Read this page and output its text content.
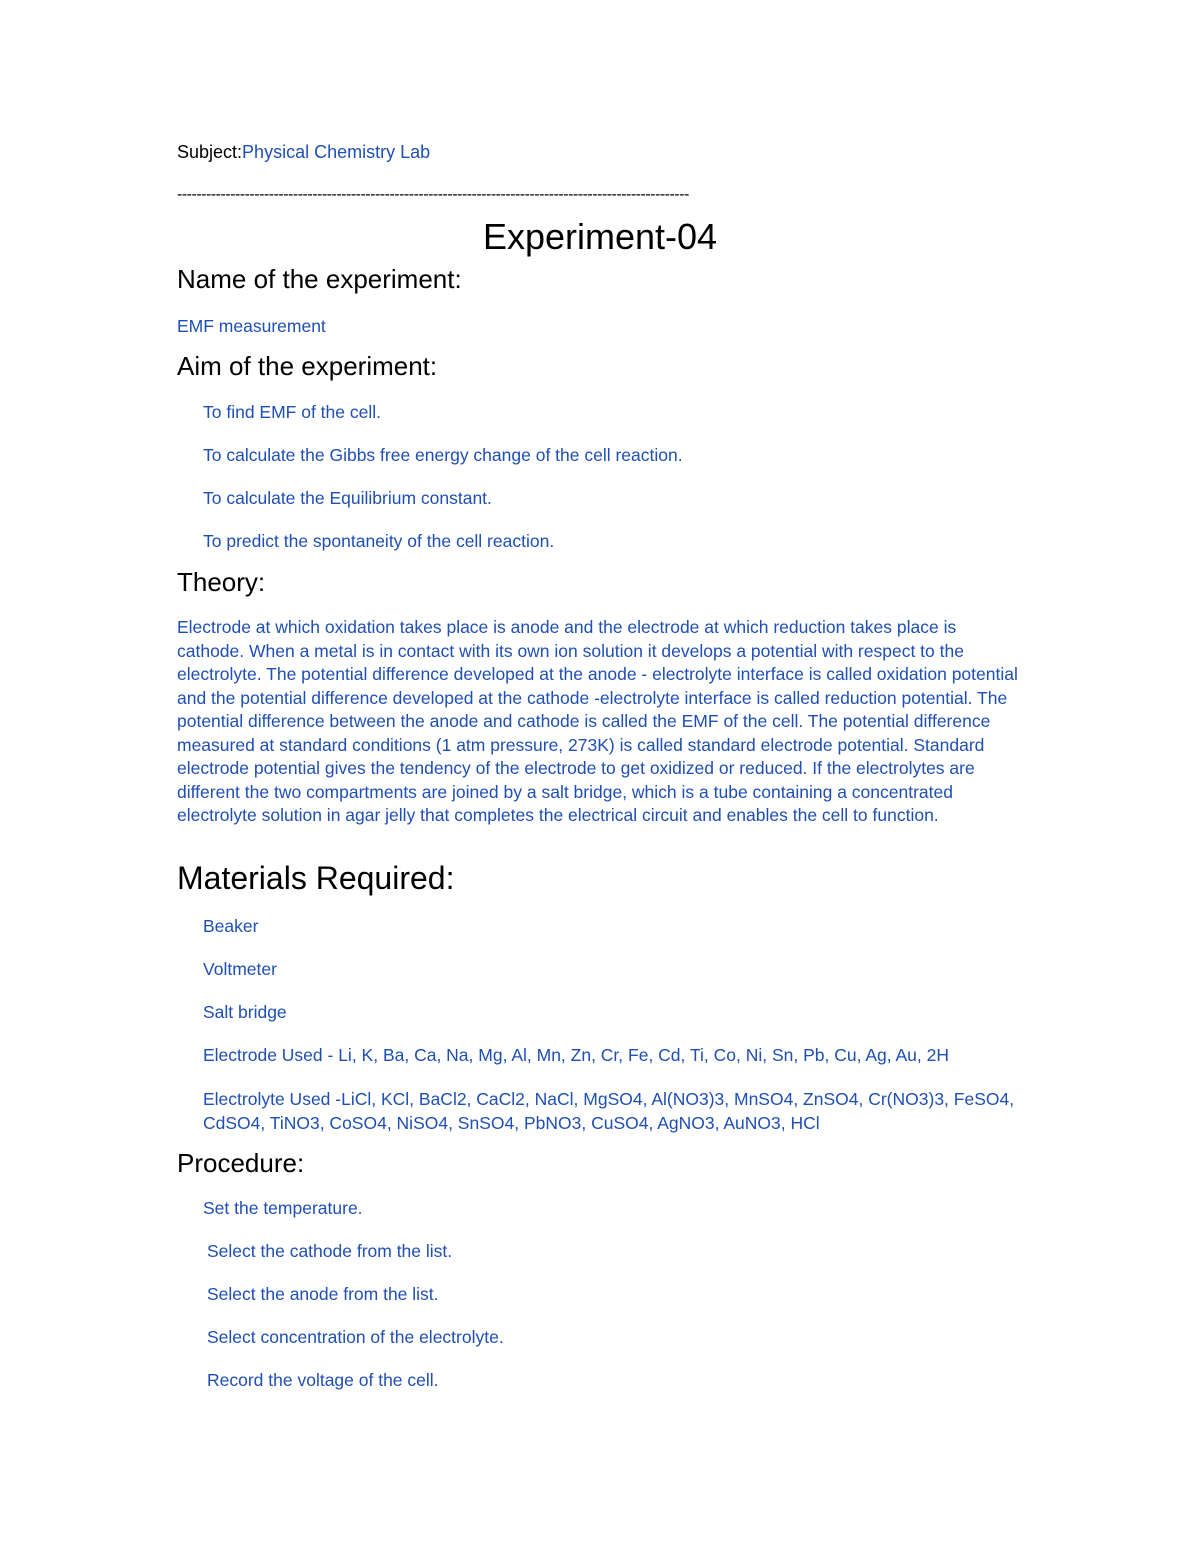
Subject:Physical Chemistry Lab
----------------------------------------------------------------------------------------------------------
Experiment-04
Name of the experiment:
EMF measurement
Aim of the experiment:
To find EMF of the cell.
To calculate the Gibbs free energy change of the cell reaction.
To calculate the Equilibrium constant.
To predict the spontaneity of the cell reaction.
Theory:
Electrode at which oxidation takes place is anode and the electrode at which reduction takes place is cathode. When a metal is in contact with its own ion solution it develops a potential with respect to the electrolyte. The potential difference developed at the anode - electrolyte interface is called oxidation potential and the potential difference developed at the cathode -electrolyte interface is called reduction potential. The potential difference between the anode and cathode is called the EMF of the cell. The potential difference measured at standard conditions (1 atm pressure, 273K) is called standard electrode potential. Standard electrode potential gives the tendency of the electrode to get oxidized or reduced. If the electrolytes are different the two compartments are joined by a salt bridge, which is a tube containing a concentrated electrolyte solution in agar jelly that completes the electrical circuit and enables the cell to function.
Materials Required:
Beaker
Voltmeter
Salt bridge
Electrode Used - Li, K, Ba, Ca, Na, Mg, Al, Mn, Zn, Cr, Fe, Cd, Ti, Co, Ni, Sn, Pb, Cu, Ag, Au, 2H
Electrolyte Used -LiCl, KCl, BaCl2, CaCl2, NaCl, MgSO4, Al(NO3)3, MnSO4, ZnSO4, Cr(NO3)3, FeSO4, CdSO4, TiNO3, CoSO4, NiSO4, SnSO4, PbNO3, CuSO4, AgNO3, AuNO3, HCl
Procedure:
Set the temperature.
Select the cathode from the list.
Select the anode from the list.
Select concentration of the electrolyte.
Record the voltage of the cell.
